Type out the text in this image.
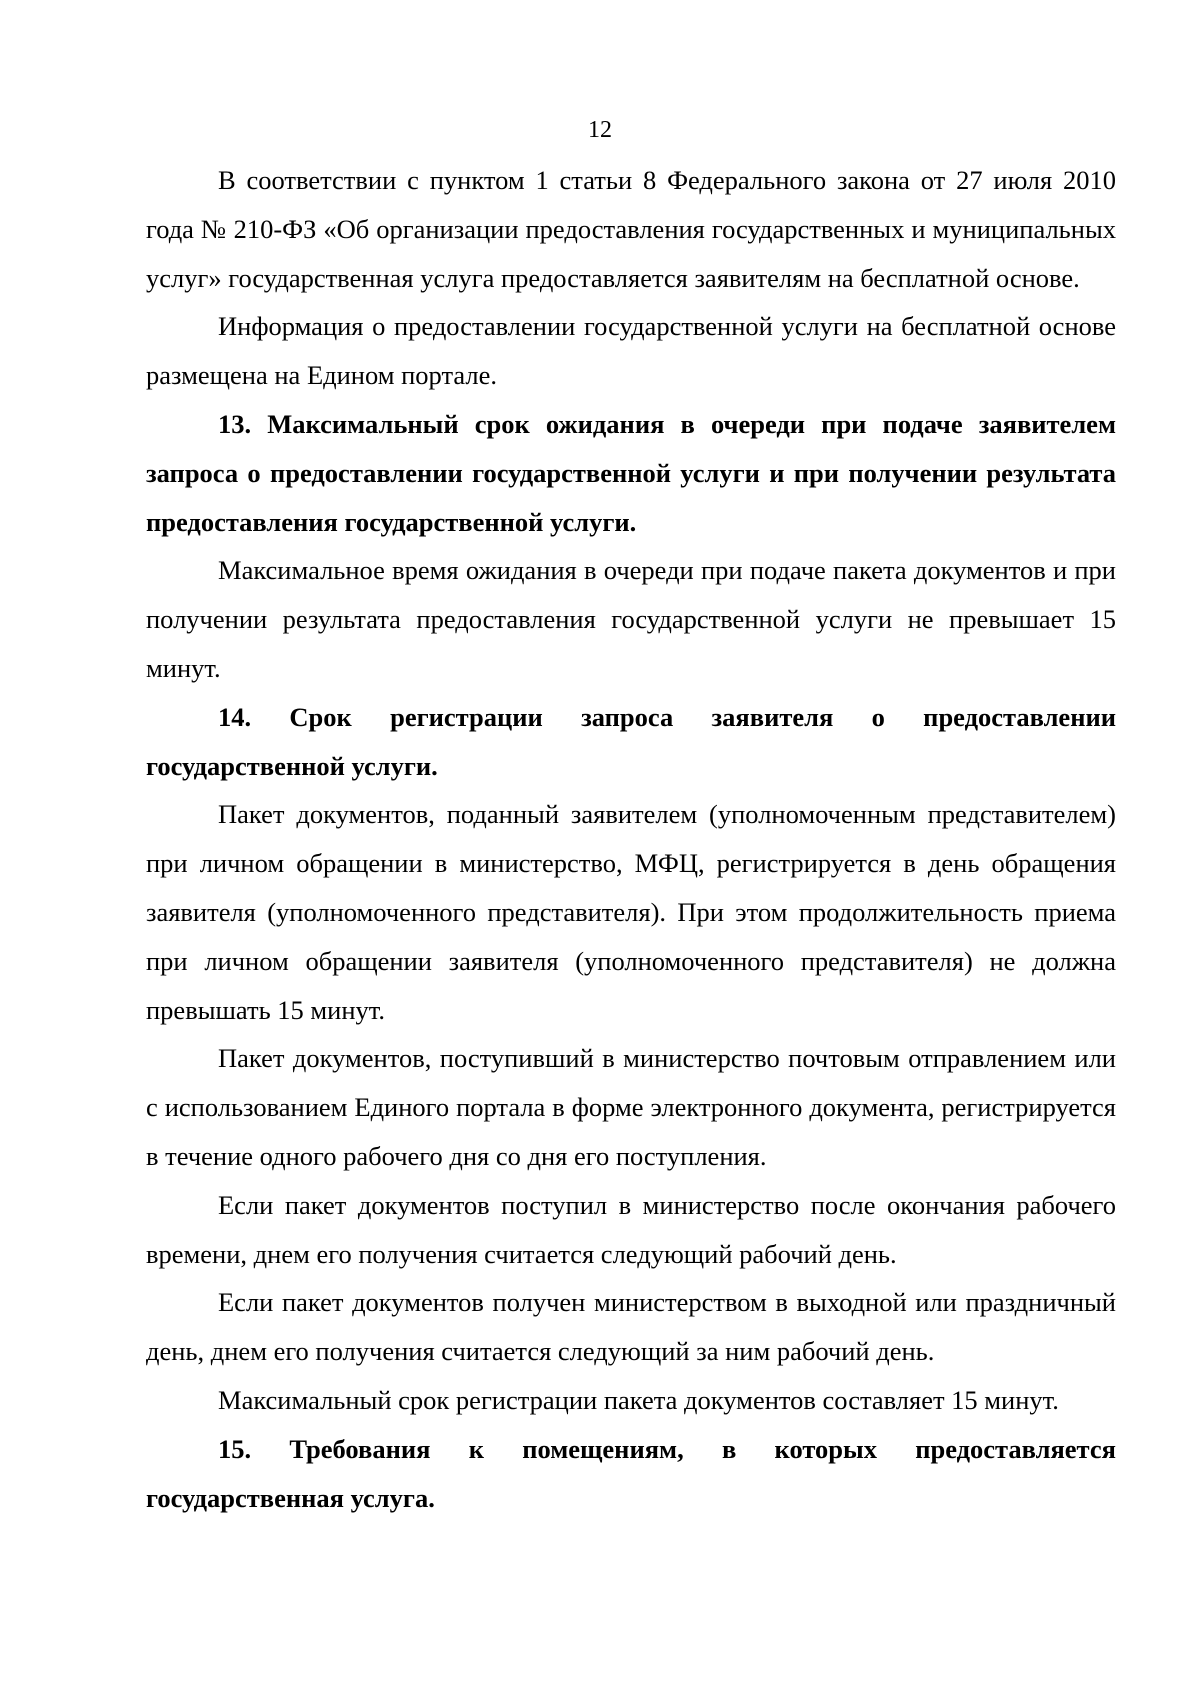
12

В соответствии с пунктом 1 статьи 8 Федерального закона от 27 июля 2010 года № 210-ФЗ «Об организации предоставления государственных и муниципальных услуг» государственная услуга предоставляется заявителям на бесплатной основе.

Информация о предоставлении государственной услуги на бесплатной основе размещена на Едином портале.

13. Максимальный срок ожидания в очереди при подаче заявителем запроса о предоставлении государственной услуги и при получении результата предоставления государственной услуги.

Максимальное время ожидания в очереди при подаче пакета документов и при получении результата предоставления государственной услуги не превышает 15 минут.

14. Срок регистрации запроса заявителя о предоставлении государственной услуги.

Пакет документов, поданный заявителем (уполномоченным представителем) при личном обращении в министерство, МФЦ, регистрируется в день обращения заявителя (уполномоченного представителя). При этом продолжительность приема при личном обращении заявителя (уполномоченного представителя) не должна превышать 15 минут.

Пакет документов, поступивший в министерство почтовым отправлением или с использованием Единого портала в форме электронного документа, регистрируется в течение одного рабочего дня со дня его поступления.

Если пакет документов поступил в министерство после окончания рабочего времени, днем его получения считается следующий рабочий день.

Если пакет документов получен министерством в выходной или праздничный день, днем его получения считается следующий за ним рабочий день.

Максимальный срок регистрации пакета документов составляет 15 минут.

15. Требования к помещениям, в которых предоставляется государственная услуга.
